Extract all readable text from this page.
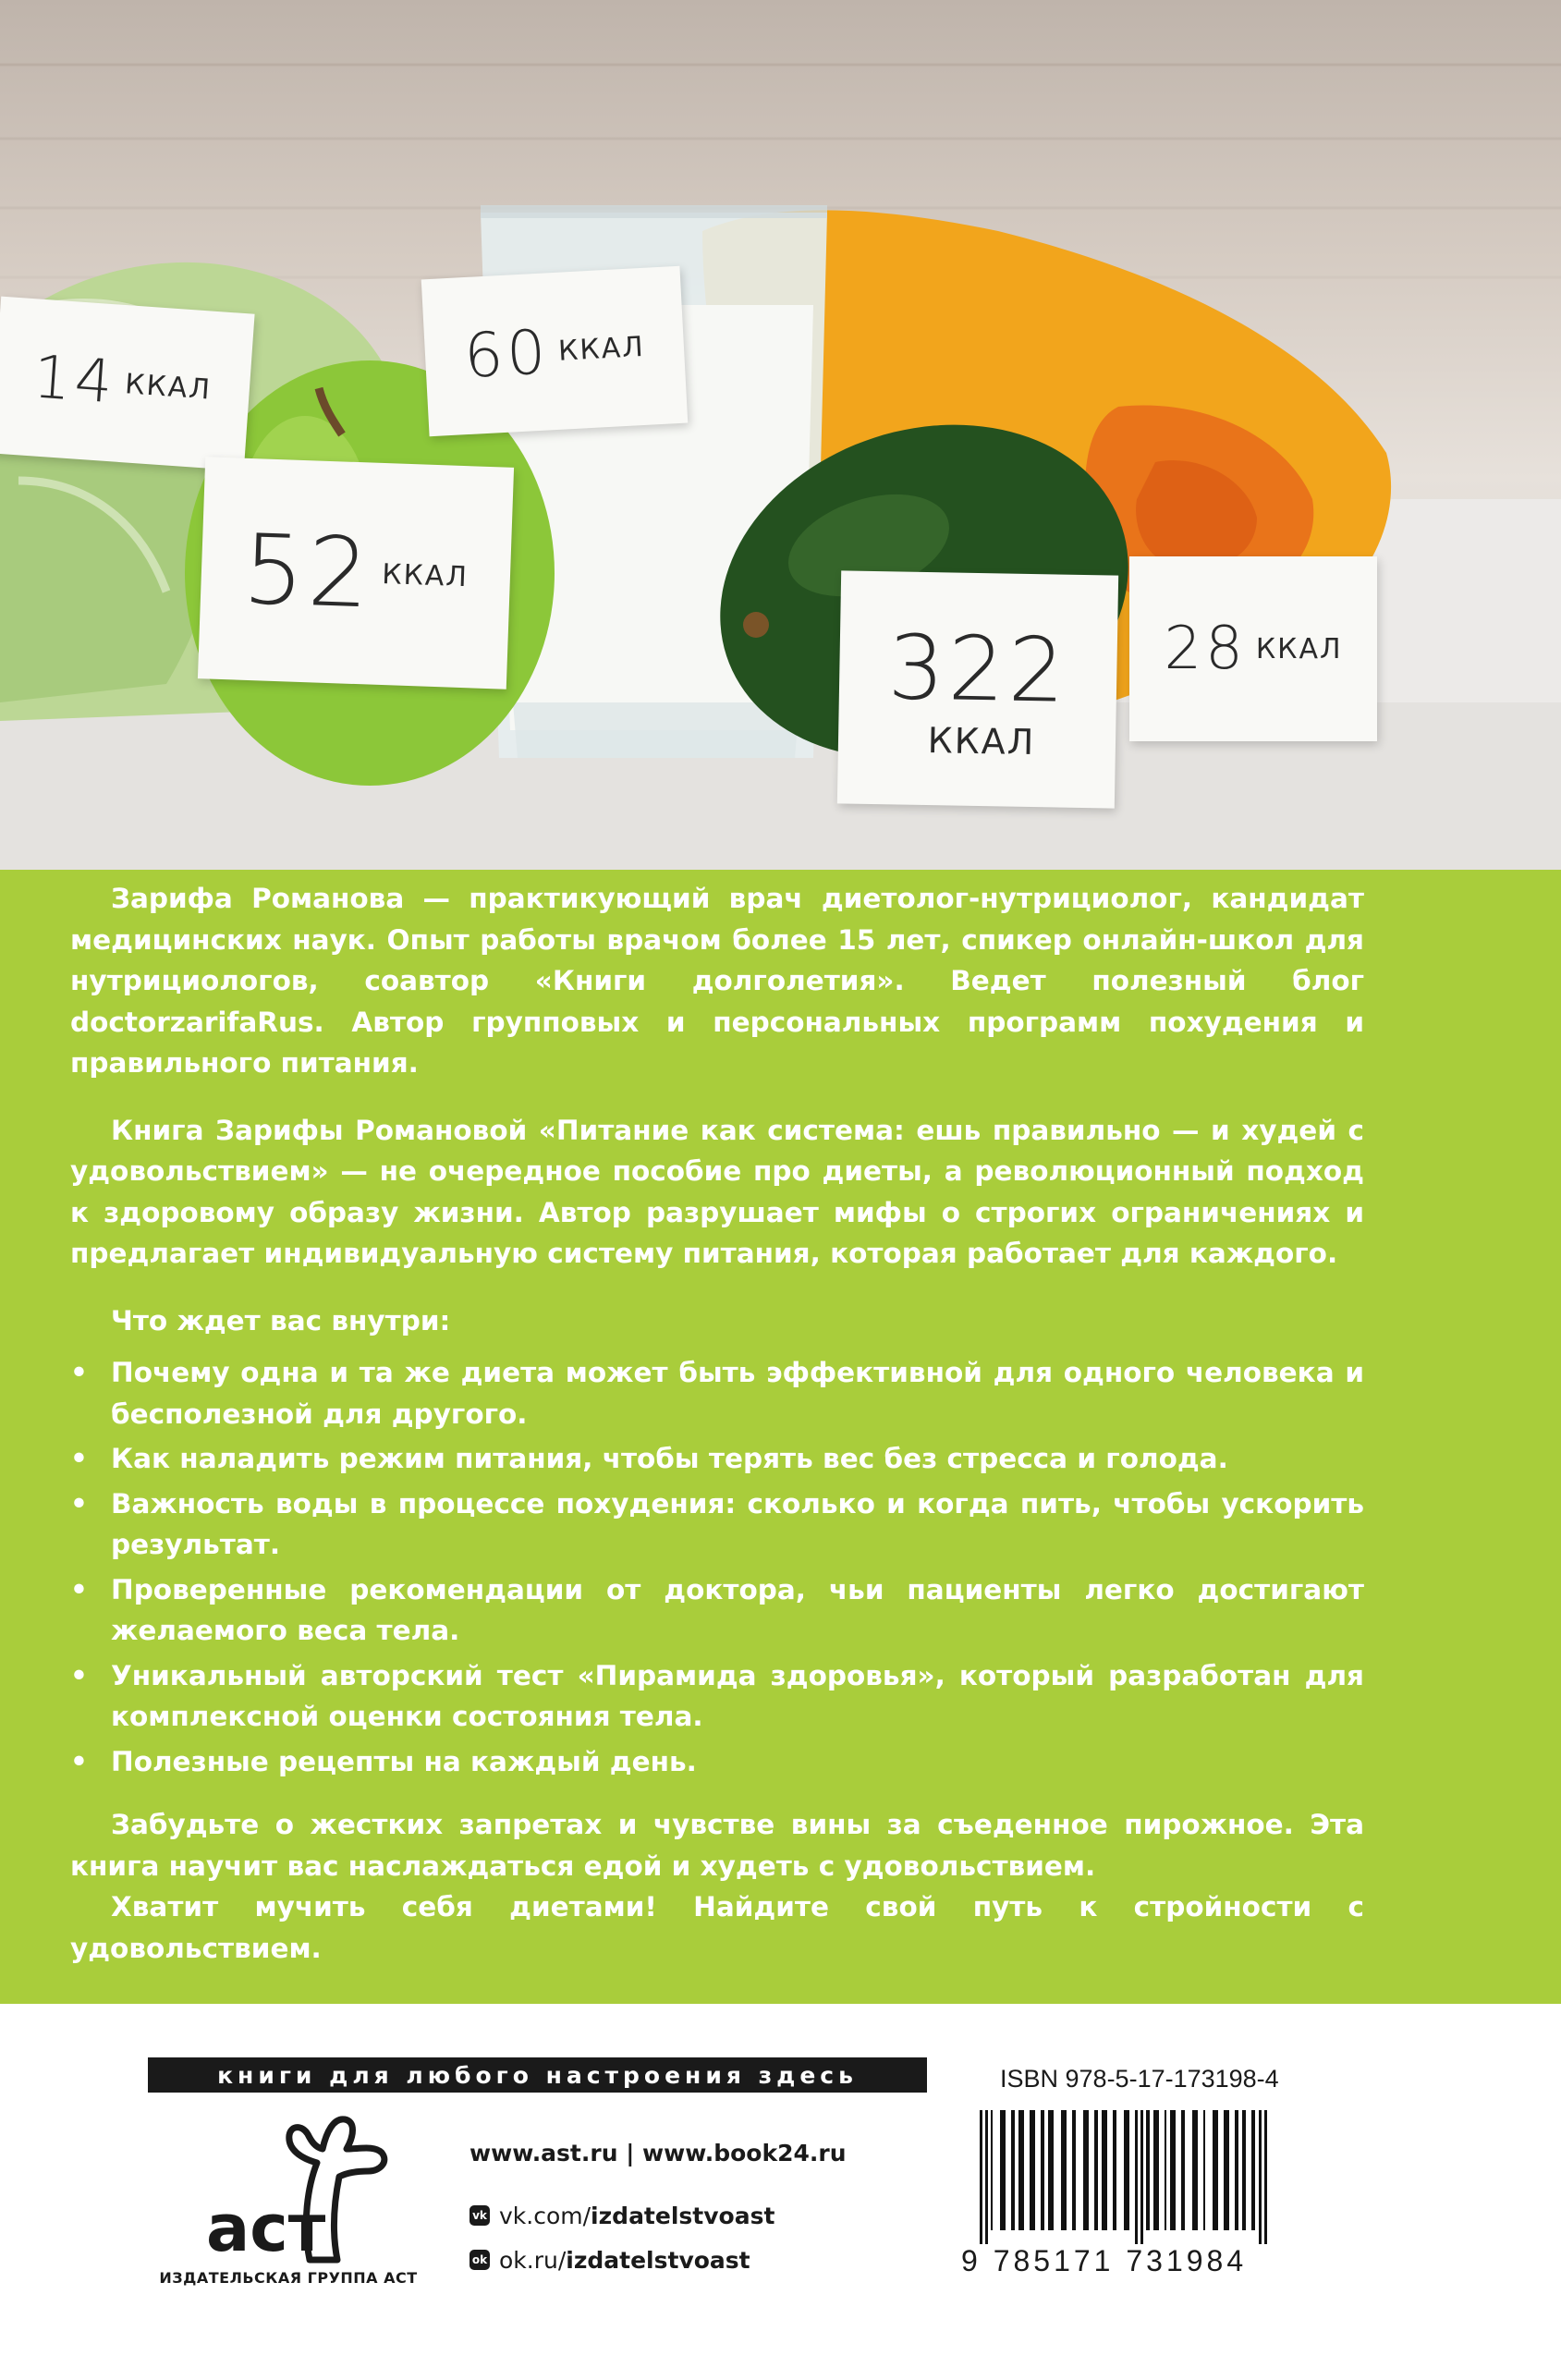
14 ККАЛ	60 ККАЛ
52 ККАЛ
322
ККАЛ
28 ККАЛ

Зарифа Романова — практикующий врач диетолог-нутрициолог, кандидат медицинских наук. Опыт работы врачом более 15 лет, спикер онлайн-школ для нутрициологов, соавтор «Книги долголетия». Ведет полезный блог doctorzarifaRus. Автор групповых и персональных программ похудения и правильного питания.

Книга Зарифы Романовой «Питание как система: ешь правильно — и худей с удовольствием» — не очередное пособие про диеты, а революционный подход к здоровому образу жизни. Автор разрушает мифы о строгих ограничениях и предлагает индивидуальную систему питания, которая работает для каждого.

Что ждет вас внутри:

• Почему одна и та же диета может быть эффективной для одного человека и бесполезной для другого.
• Как наладить режим питания, чтобы терять вес без стресса и голода.
• Важность воды в процессе похудения: сколько и когда пить, чтобы ускорить результат.
• Проверенные рекомендации от доктора, чьи пациенты легко достигают желаемого веса тела.
• Уникальный авторский тест «Пирамида здоровья», который разработан для комплексной оценки состояния тела.
• Полезные рецепты на каждый день.

Забудьте о жестких запретах и чувстве вины за съеденное пирожное. Эта книга научит вас наслаждаться едой и худеть с удовольствием.

Хватит мучить себя диетами! Найдите свой путь к стройности с удовольствием.

книги для любого настроения здесь
аст
ИЗДАТЕЛЬСКАЯ ГРУППА АСТ
www.ast.ru | www.book24.ru
vk vk.com/ izdatelstvoast
ok ok.ru/ izdatelstvoast
ISBN 978-5-17-173198-4
9 785171 731984
